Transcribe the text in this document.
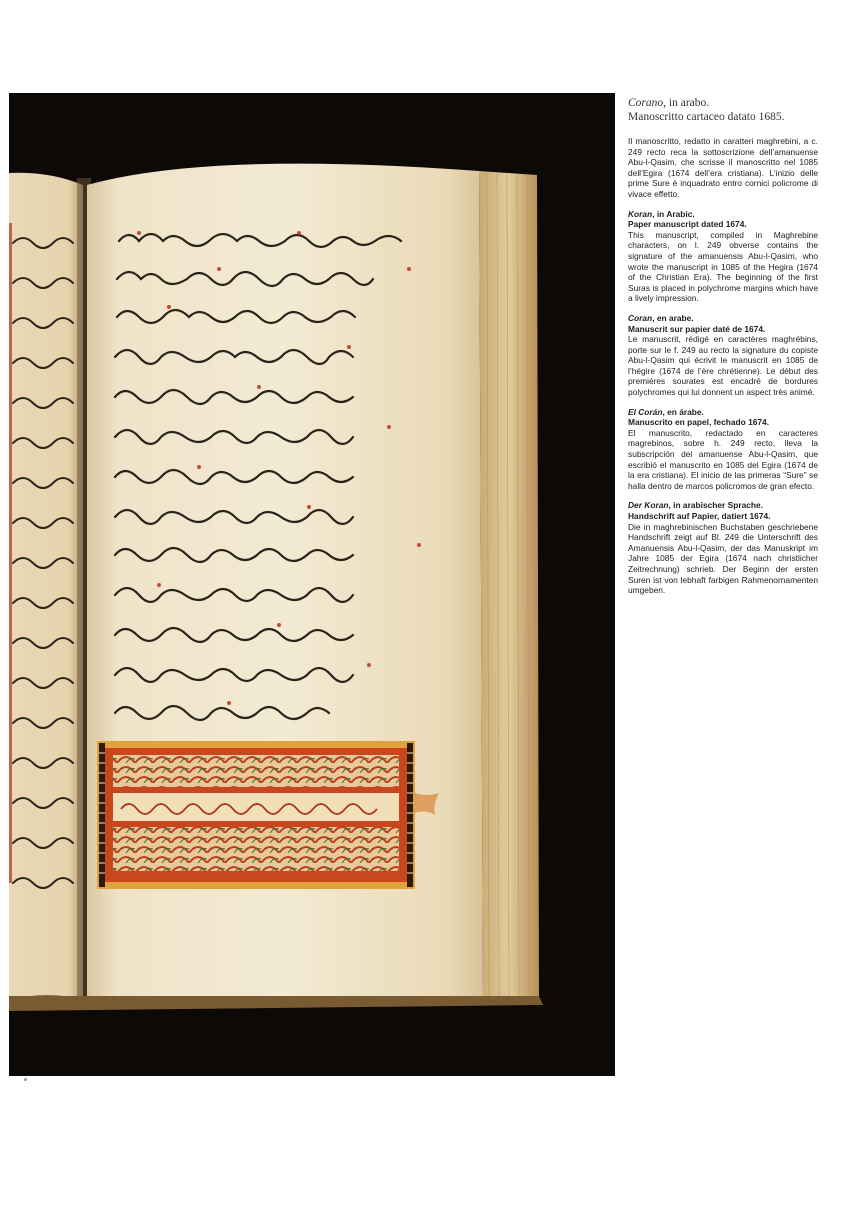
Corano, in arabo.
Manoscritto cartaceo datato 1685.
Il manoscritto, redatto in caratteri maghrebini, a c. 249 recto reca la sottoscrizione dell’amanuense Abu-l-Qasim, che scrisse il manoscritto nel 1085 dell’Egira (1674 dell’era cristiana). L’inizio delle prime Sure è inquadrato entro cornici policrome di vivace effetto.
Koran, in Arabic.
Paper manuscript dated 1674.
This manuscript, compiled in Maghrebine characters, on l. 249 obverse contains the signature of the amanuensis Abu-l-Qasim, who wrote the manuscript in 1085 of the Hegira (1674 of the Christian Era). The beginning of the first Suras is placed in polychrome margins which have a lively impression.
Coran, en arabe.
Manuscrit sur papier daté de 1674.
Le manuscrit, rédigé en caractères maghrébins, porte sur le f. 249 au recto la signature du copiste Abu-l-Qasim qui écrivit le manuscrit en 1085 de l’hégire (1674 de l’ère chrétienne). Le début des premières sourates est encadré de bordures polychromes qui lui donnent un aspect très animé.
El Corán, en árabe.
Manuscrito en papel, fechado 1674.
El manuscrito, redactado en caracteres magrebinos, sobre h. 249 recto, lleva la subscripción del amanuense Abu-l-Qasim, que escribió el manuscrito en 1085 del Egira (1674 de la era cristiana). El inicio de las primeras “Sure” se halla dentro de marcos policromos de gran efecto.
Der Koran, in arabischer Sprache.
Handschrift auf Papier, datiert 1674.
Die in maghrebinischen Buchstaben geschriebene Handschrift zeigt auf Bl. 249 die Unterschrift des Amanuensis Abu-l-Qasim, der das Manuskript im Jahre 1085 der Egira (1674 nach christlicher Zeitrechnung) schrieb. Der Beginn der ersten Suren ist von lebhaft farbigen Rahmenornamenten umgeben.
